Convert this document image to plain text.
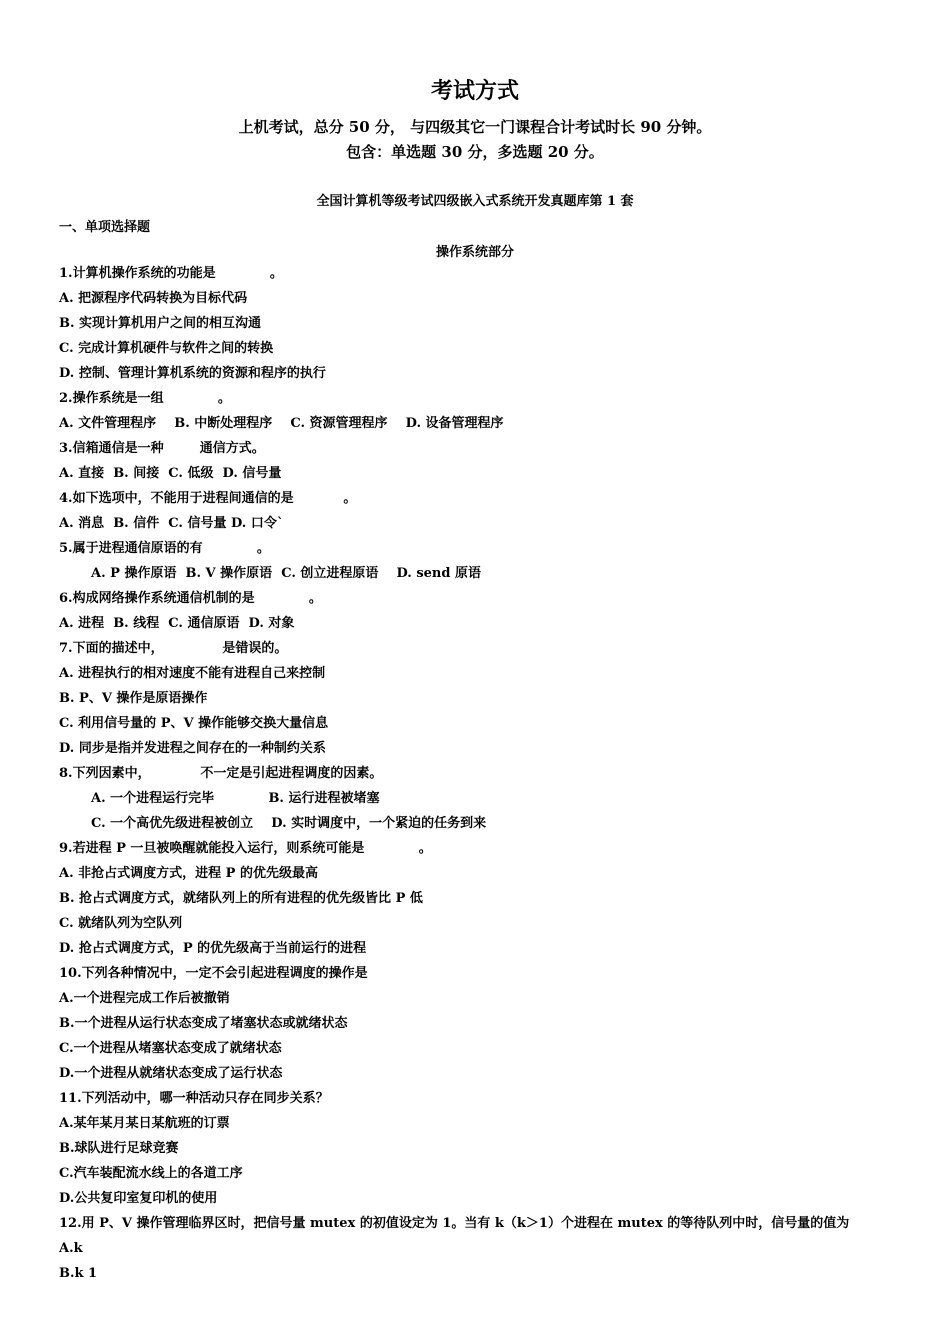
考试方式
上机考试，总分 50 分， 与四级其它一门课程合计考试时长 90 分钟。
包含：单选题 30 分，多选题 20 分。
全国计算机等级考试四级嵌入式系统开发真题库第 1 套
一、单项选择题
操作系统部分
1.计算机操作系统的功能是            。
A. 把源程序代码转换为目标代码
B. 实现计算机用户之间的相互沟通
C. 完成计算机硬件与软件之间的转换
D. 控制、管理计算机系统的资源和程序的执行
2.操作系统是一组            。
A. 文件管理程序    B. 中断处理程序    C. 资源管理程序    D. 设备管理程序
3.信箱通信是一种        通信方式。
A. 直接  B. 间接  C. 低级  D. 信号量
4.如下选项中，不能用于进程间通信的是           。
A. 消息  B. 信件  C. 信号量 D. 口令`
5.属于进程通信原语的有            。
A. P 操作原语  B. V 操作原语  C. 创立进程原语    D. send 原语
6.构成网络操作系统通信机制的是            。
A. 进程  B. 线程  C. 通信原语  D. 对象
7.下面的描述中，             是错误的。
A. 进程执行的相对速度不能有进程自己来控制
B. P、V 操作是原语操作
C. 利用信号量的 P、V 操作能够交换大量信息
D. 同步是指并发进程之间存在的一种制约关系
8.下列因素中，           不一定是引起进程调度的因素。
A. 一个进程运行完毕            B. 运行进程被堵塞
C. 一个高优先级进程被创立    D. 实时调度中，一个紧迫的任务到来
9.若进程 P 一旦被唤醒就能投入运行，则系统可能是            。
A. 非抢占式调度方式，进程 P 的优先级最高
B. 抢占式调度方式，就绪队列上的所有进程的优先级皆比 P 低
C. 就绪队列为空队列
D. 抢占式调度方式，P 的优先级高于当前运行的进程
10.下列各种情况中，一定不会引起进程调度的操作是
A.一个进程完成工作后被撤销
B.一个进程从运行状态变成了堵塞状态或就绪状态
C.一个进程从堵塞状态变成了就绪状态
D.一个进程从就绪状态变成了运行状态
11.下列活动中，哪一种活动只存在同步关系？
A.某年某月某日某航班的订票
B.球队进行足球竞赛
C.汽车装配流水线上的各道工序
D.公共复印室复印机的使用
12.用 P、V 操作管理临界区时，把信号量 mutex 的初值设定为 1。当有 k（k＞1）个进程在 mutex 的等待队列中时，信号量的值为
A.k
B.k 1
